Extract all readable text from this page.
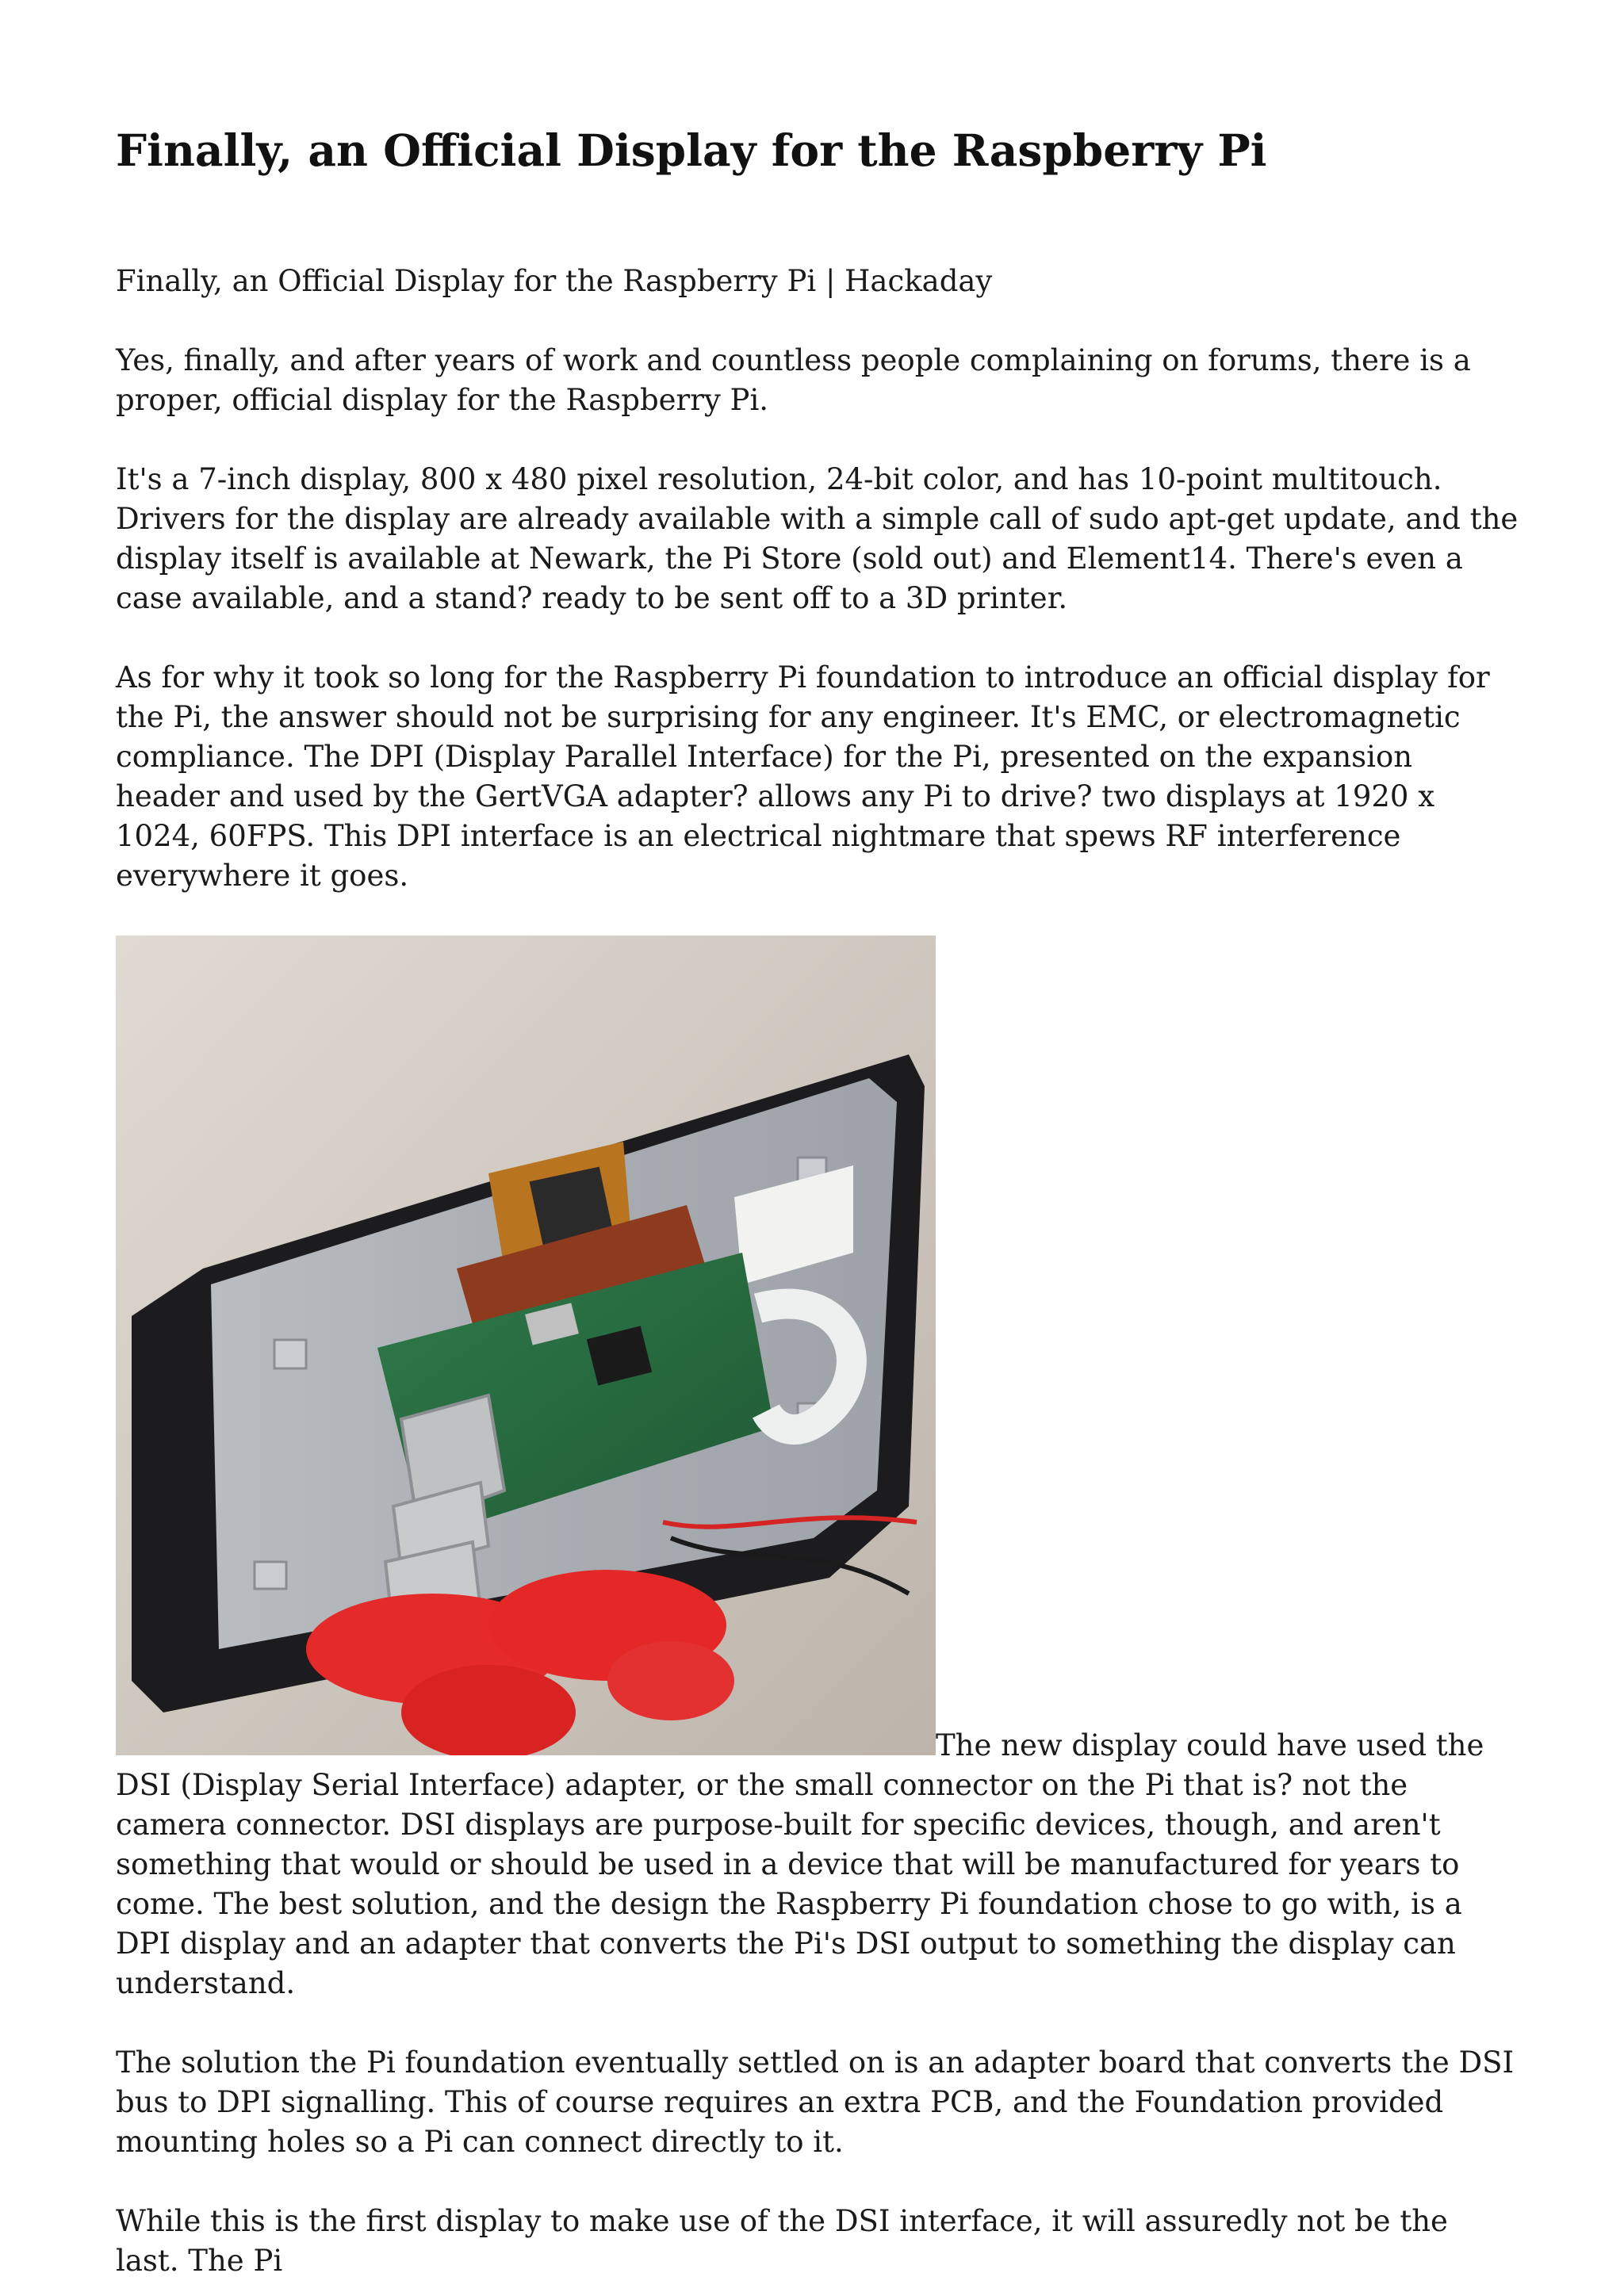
Finally, an Official Display for the Raspberry Pi
Finally, an Official Display for the Raspberry Pi | Hackaday

Yes, finally, and after years of work and countless people complaining on forums, there is a proper, official display for the Raspberry Pi.

It's a 7-inch display, 800 x 480 pixel resolution, 24-bit color, and has 10-point multitouch. Drivers for the display are already available with a simple call of sudo apt-get update, and the display itself is available at Newark, the Pi Store (sold out) and Element14. There's even a case available, and a stand? ready to be sent off to a 3D printer.

As for why it took so long for the Raspberry Pi foundation to introduce an official display for the Pi, the answer should not be surprising for any engineer. It's EMC, or electromagnetic compliance. The DPI (Display Parallel Interface) for the Pi, presented on the expansion header and used by the GertVGA adapter? allows any Pi to drive? two displays at 1920 x 1024, 60FPS. This DPI interface is an electrical nightmare that spews RF interference everywhere it goes.

The new display could have used the DSI (Display Serial Interface) adapter, or the small connector on the Pi that is? not the camera connector. DSI displays are purpose-built for specific devices, though, and aren't something that would or should be used in a device that will be manufactured for years to come. The best solution, and the design the Raspberry Pi foundation chose to go with, is a DPI display and an adapter that converts the Pi's DSI output to something the display can understand.

The solution the Pi foundation eventually settled on is an adapter board that converts the DSI bus to DPI signalling. This of course requires an extra PCB, and the Foundation provided mounting holes so a Pi can connect directly to it.

While this is the first display to make use of the DSI interface, it will assuredly not be the last. The Pi
